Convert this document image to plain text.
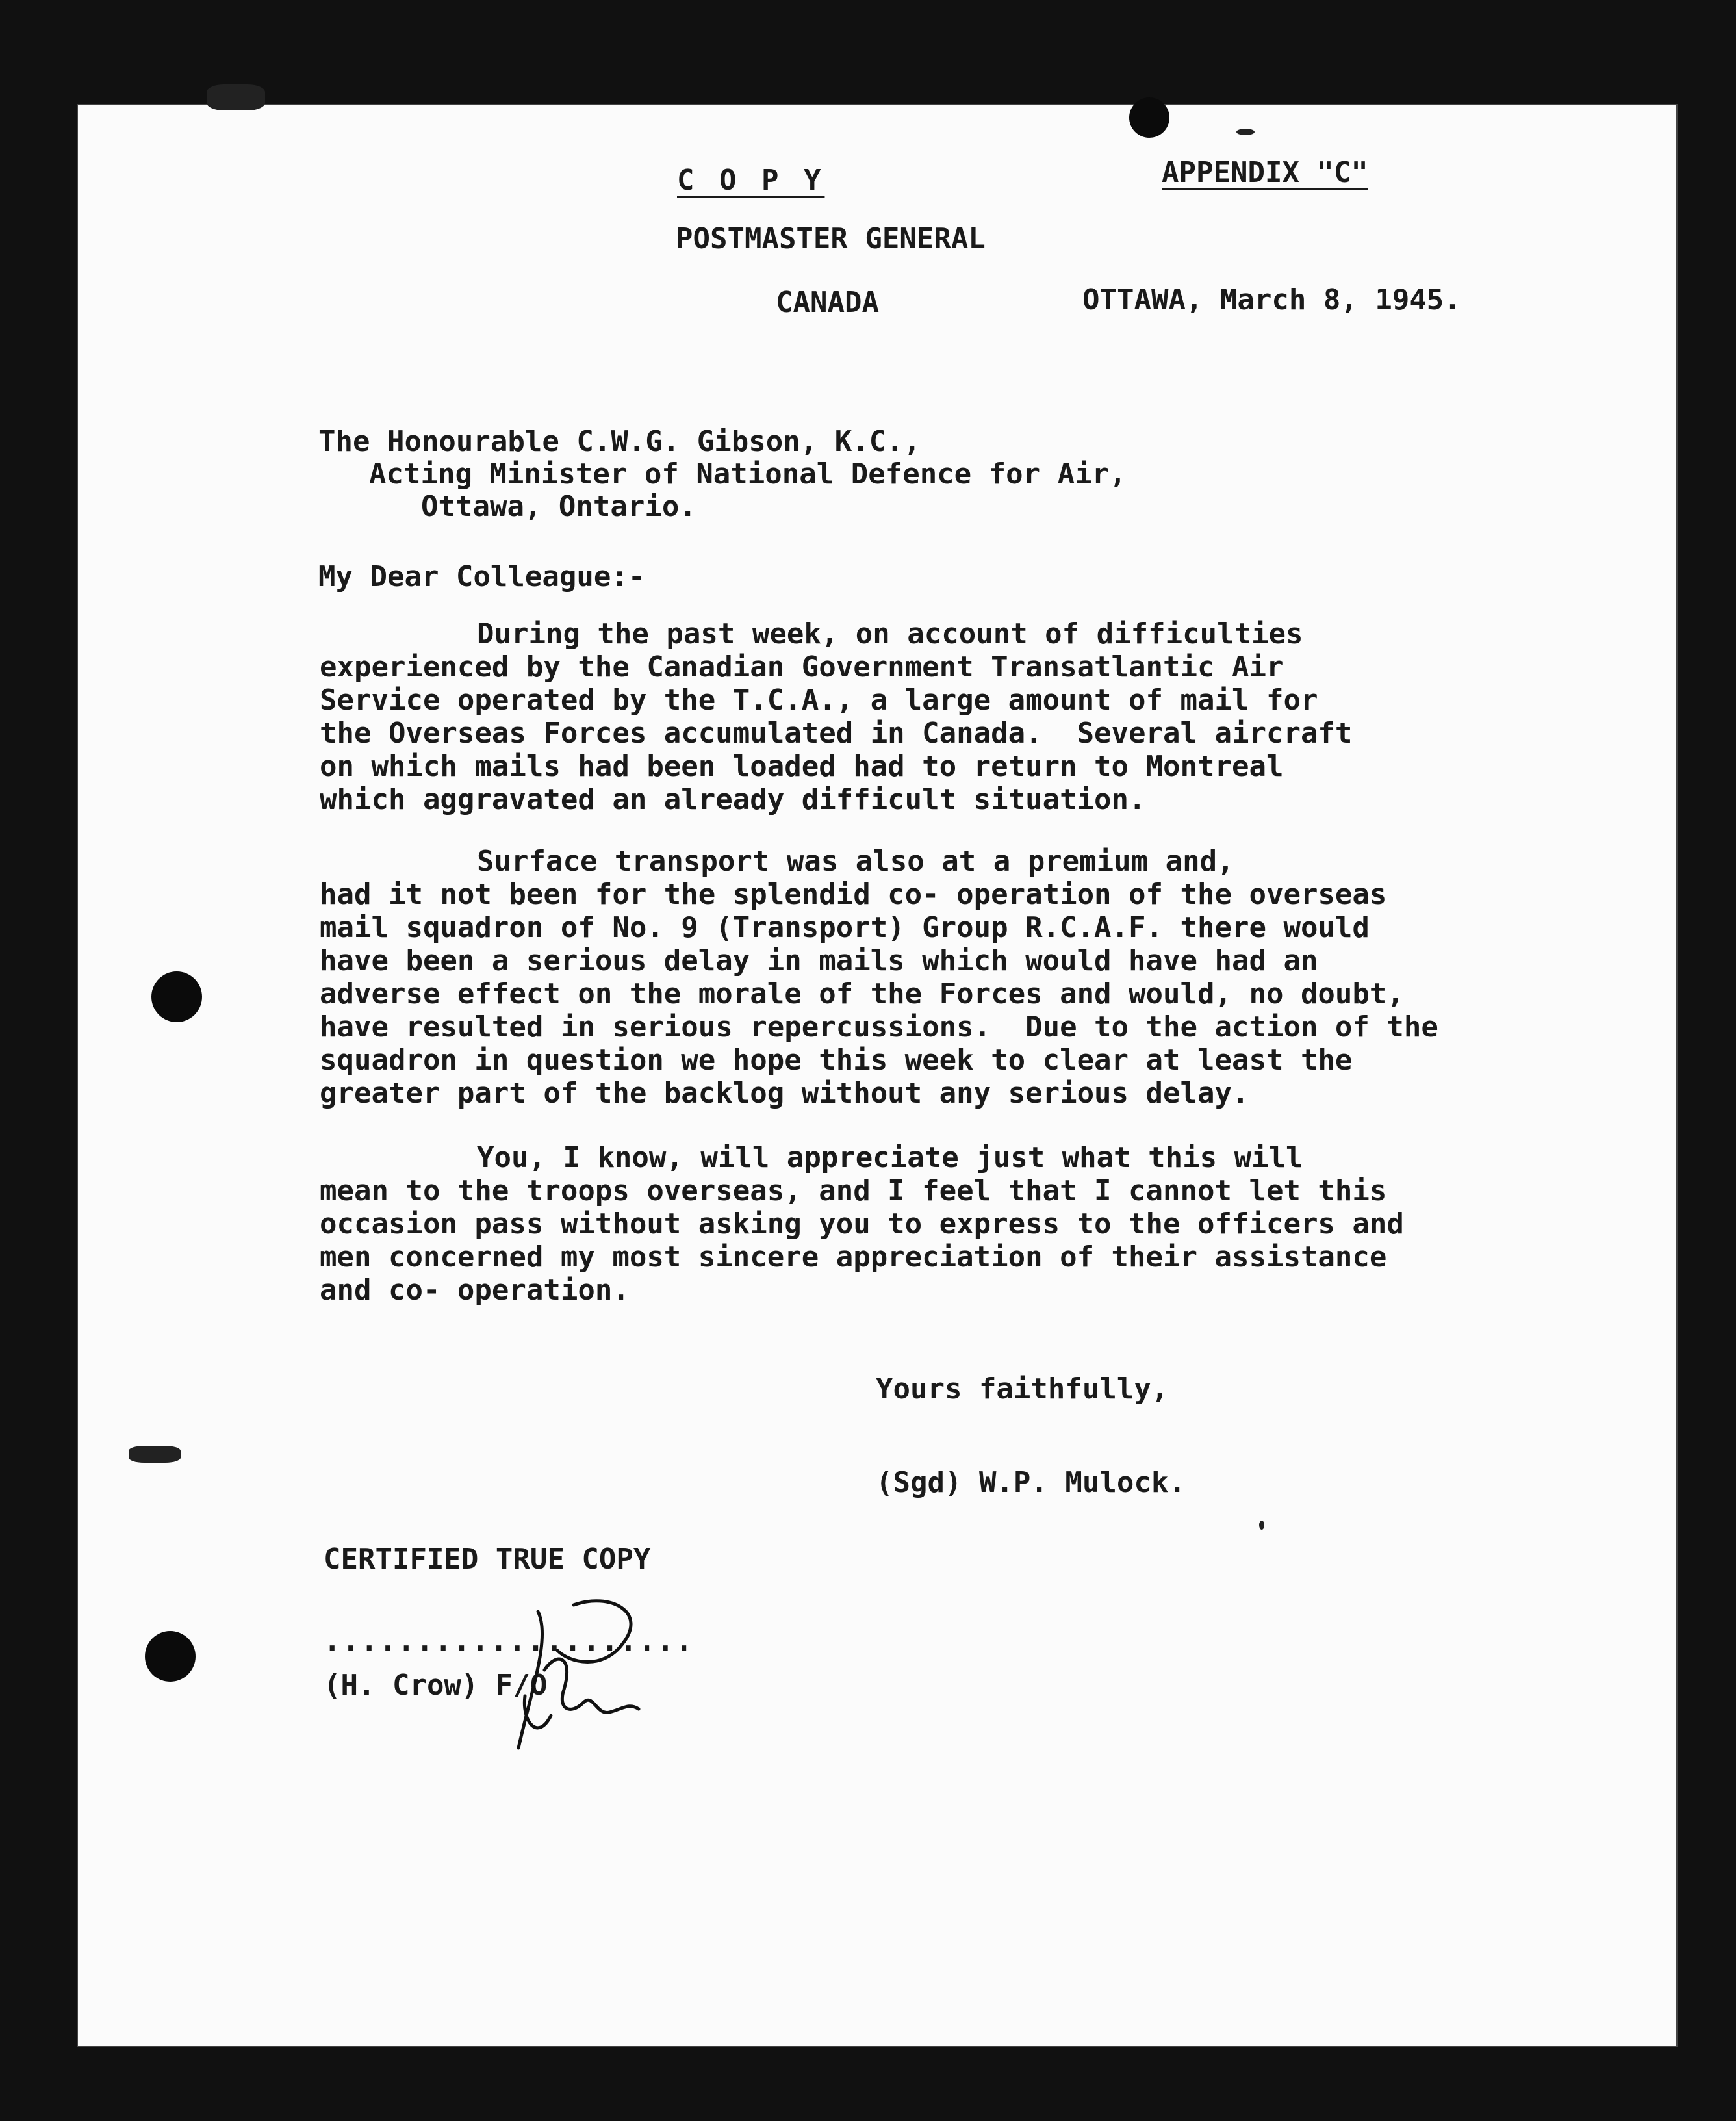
C O P Y	APPENDIX "C"

POSTMASTER GENERAL

CANADA	OTTAWA, March 8, 1945.

The Honourable C.W.G. Gibson, K.C.,

Acting Minister of National Defence for Air,

Ottawa, Ontario.

My Dear Colleague:-

During the past week, on account of difficulties
experienced by the Canadian Government Transatlantic Air
Service operated by the T.C.A., a large amount of mail for
the Overseas Forces accumulated in Canada.  Several aircraft
on which mails had been loaded had to return to Montreal
which aggravated an already difficult situation.

Surface transport was also at a premium and,
had it not been for the splendid co- operation of the overseas
mail squadron of No. 9 (Transport) Group R.C.A.F. there would
have been a serious delay in mails which would have had an
adverse effect on the morale of the Forces and would, no doubt,
have resulted in serious repercussions.  Due to the action of the
squadron in question we hope this week to clear at least the
greater part of the backlog without any serious delay.

You, I know, will appreciate just what this will
mean to the troops overseas, and I feel that I cannot let this
occasion pass without asking you to express to the officers and
men concerned my most sincere appreciation of their assistance
and co- operation.

Yours faithfully,

(Sgd) W.P. Mulock.

CERTIFIED TRUE COPY

....................

(H. Crow) F/O
